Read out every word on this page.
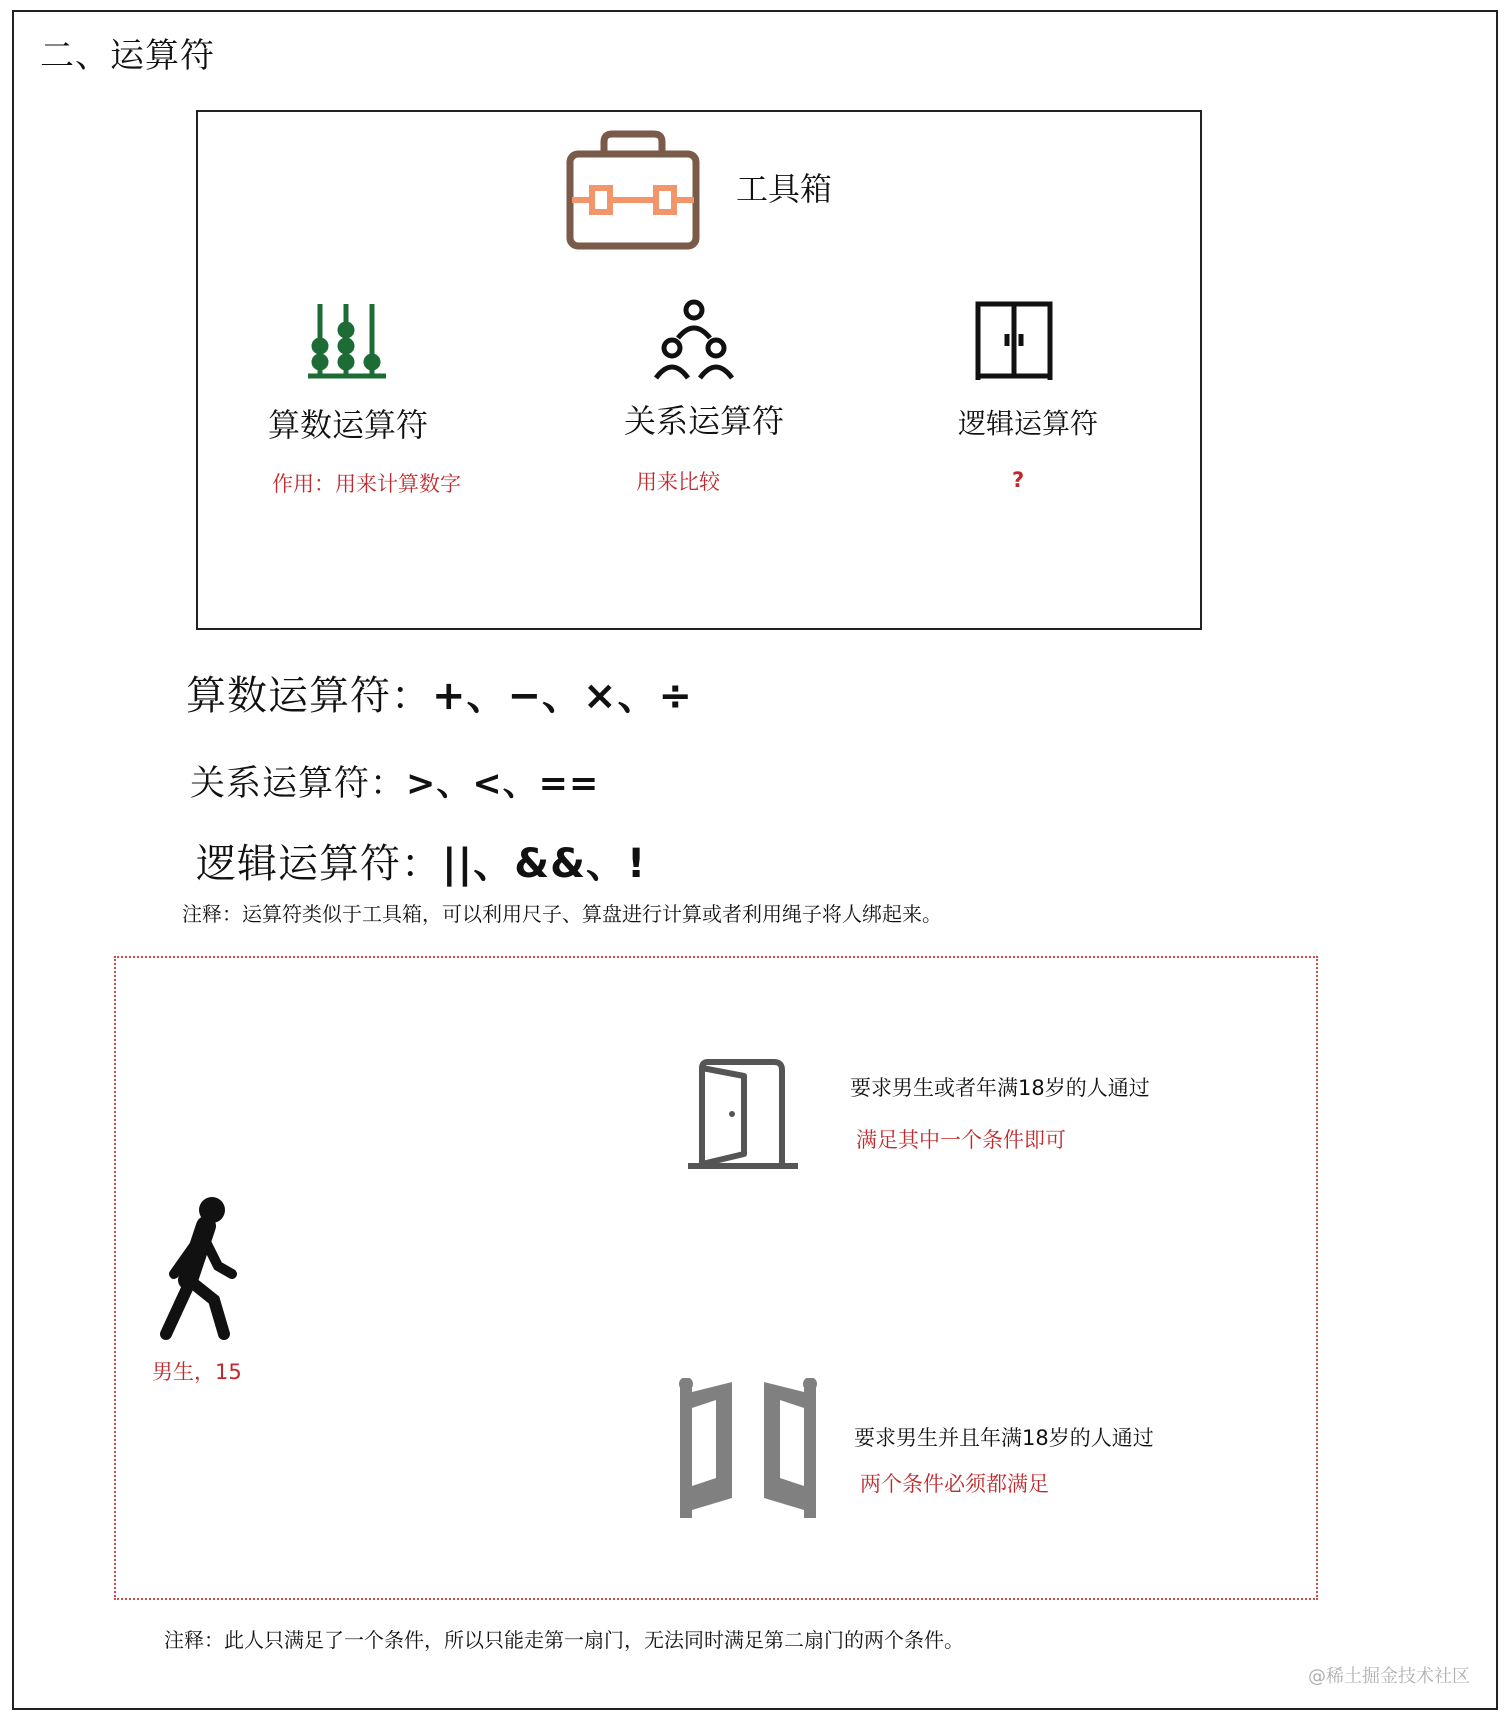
二、运算符
工具箱
算数运算符
作用：用来计算数字
关系运算符
用来比较
逻辑运算符
?
算数运算符：+、−、×、÷
关系运算符：>、<、==
逻辑运算符：||、&&、!
注释：运算符类似于工具箱，可以利用尺子、算盘进行计算或者利用绳子将人绑起来。
要求男生或者年满18岁的人通过
满足其中一个条件即可
男生，15
要求男生并且年满18岁的人通过
两个条件必须都满足
注释：此人只满足了一个条件，所以只能走第一扇门，无法同时满足第二扇门的两个条件。
@稀土掘金技术社区
